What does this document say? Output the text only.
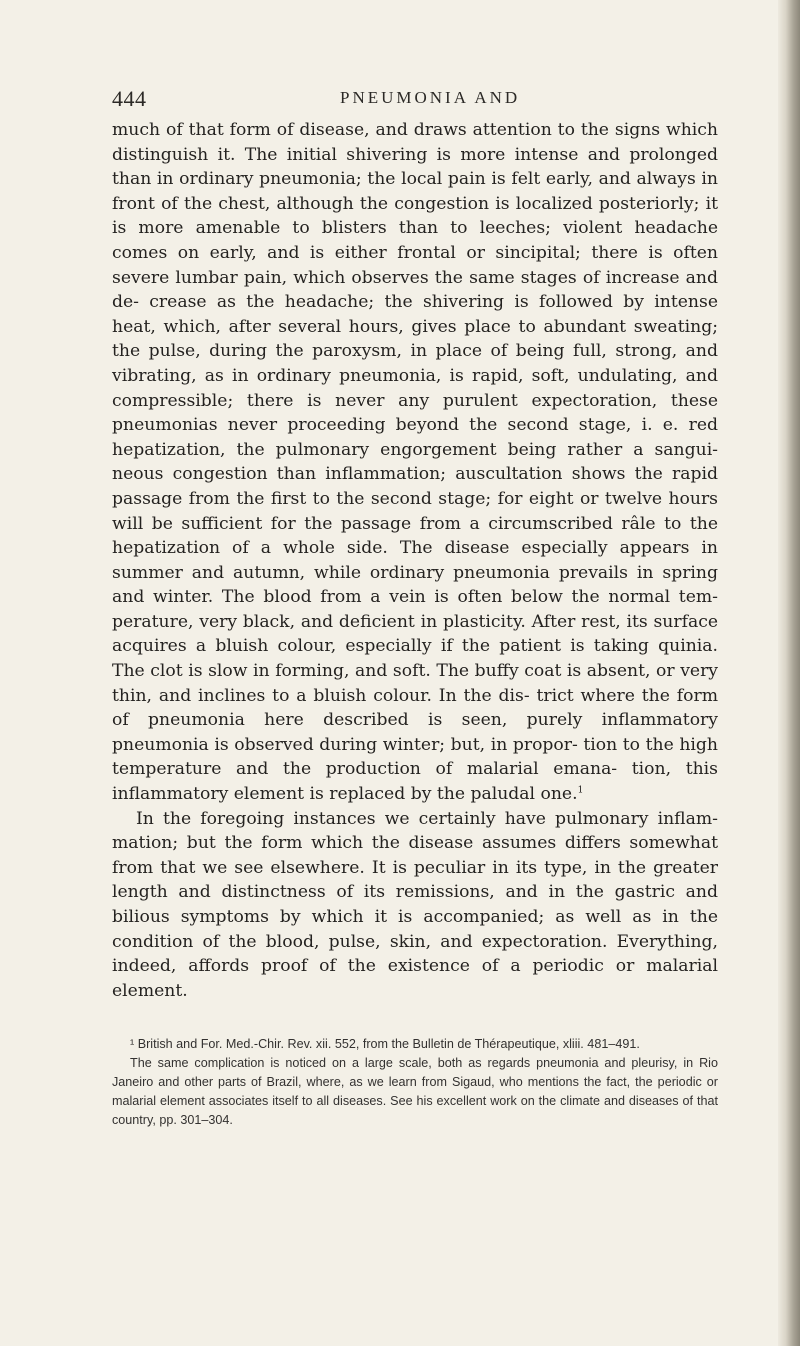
444	PNEUMONIA AND

much of that form of disease, and draws attention to the signs which distinguish it. The initial shivering is more intense and prolonged than in ordinary pneumonia; the local pain is felt early, and always in front of the chest, although the congestion is localized posteriorly; it is more amenable to blisters than to leeches; violent headache comes on early, and is either frontal or sincipital; there is often severe lumbar pain, which observes the same stages of increase and de- crease as the headache; the shivering is followed by intense heat, which, after several hours, gives place to abundant sweating; the pulse, during the paroxysm, in place of being full, strong, and vibrating, as in ordinary pneumonia, is rapid, soft, undulating, and compressible; there is never any purulent expectoration, these pneumonias never proceeding beyond the second stage, i. e. red hepatization, the pulmonary engorgement being rather a sangui- neous congestion than inflammation; auscultation shows the rapid passage from the first to the second stage; for eight or twelve hours will be sufficient for the passage from a circumscribed râle to the hepatization of a whole side. The disease especially appears in summer and autumn, while ordinary pneumonia prevails in spring and winter. The blood from a vein is often below the normal tem- perature, very black, and deficient in plasticity. After rest, its surface acquires a bluish colour, especially if the patient is taking quinia. The clot is slow in forming, and soft. The buffy coat is absent, or very thin, and inclines to a bluish colour. In the dis- trict where the form of pneumonia here described is seen, purely inflammatory pneumonia is observed during winter; but, in propor- tion to the high temperature and the production of malarial emana- tion, this inflammatory element is replaced by the paludal one.$^1$

In the foregoing instances we certainly have pulmonary inflam- mation; but the form which the disease assumes differs somewhat from that we see elsewhere. It is peculiar in its type, in the greater length and distinctness of its remissions, and in the gastric and bilious symptoms by which it is accompanied; as well as in the condition of the blood, pulse, skin, and expectoration. Everything, indeed, affords proof of the existence of a periodic or malarial element.

¹ British and For. Med.-Chir. Rev. xii. 552, from the Bulletin de Thérapeutique, xliii. 481–491.

The same complication is noticed on a large scale, both as regards pneumonia and pleurisy, in Rio Janeiro and other parts of Brazil, where, as we learn from Sigaud, who mentions the fact, the periodic or malarial element associates itself to all diseases. See his excellent work on the climate and diseases of that country, pp. 301–304.
